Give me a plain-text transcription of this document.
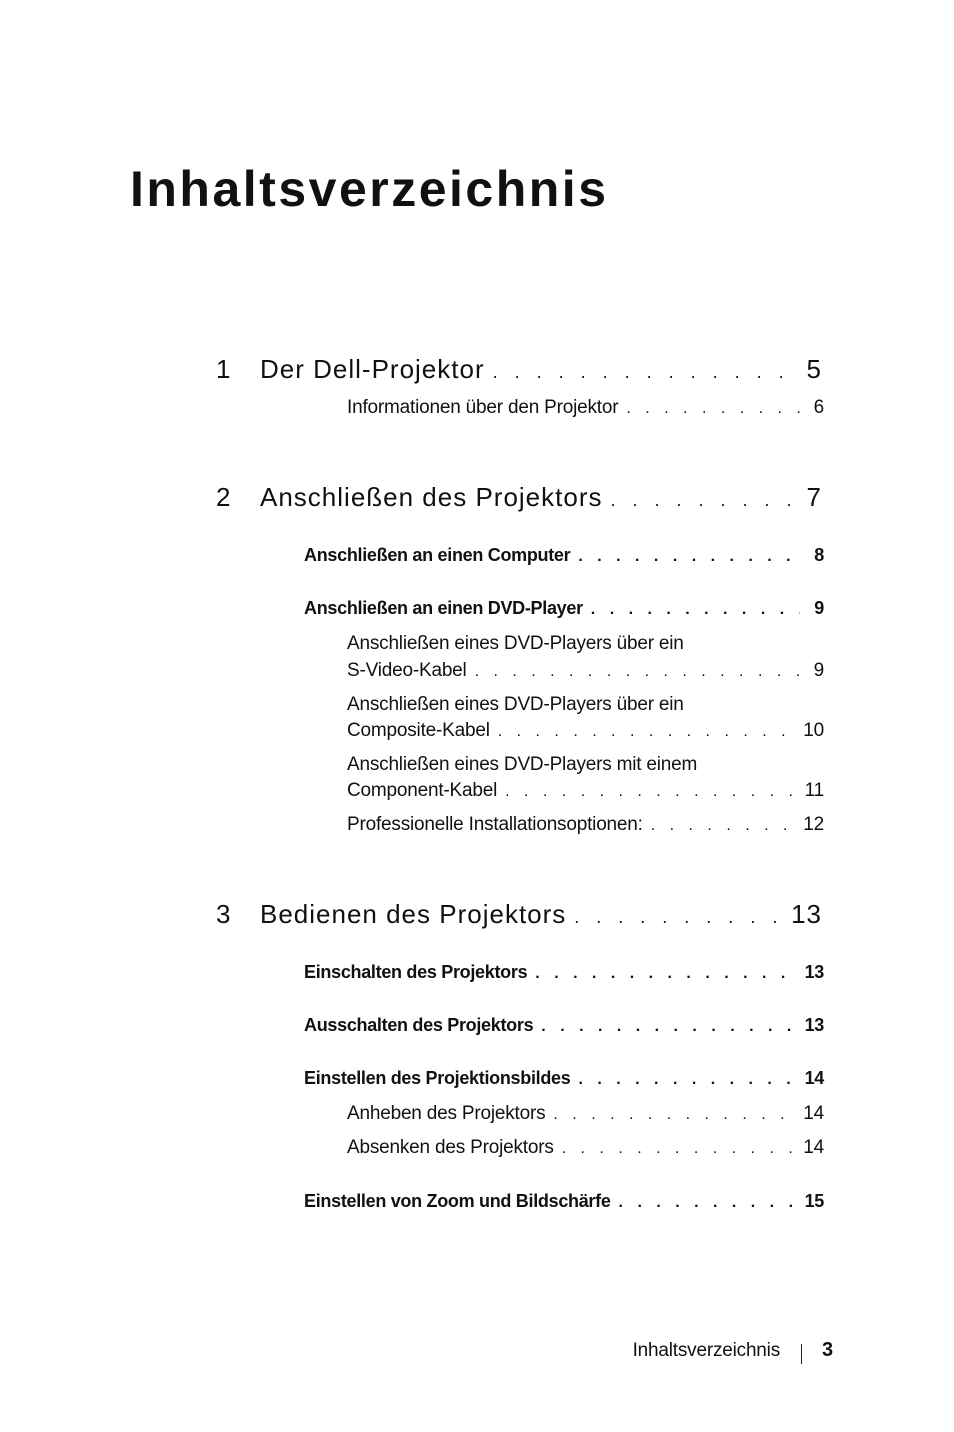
Inhaltsverzeichnis
1	Der Dell-Projektor . . .	5
Informationen über den Projektor . . .	6
2	Anschließen des Projektors . . .	7
Anschließen an einen Computer . . .	8
Anschließen an einen DVD-Player . . .	9
Anschließen eines DVD-Players über ein
S-Video-Kabel . . .	9
Anschließen eines DVD-Players über ein
Composite-Kabel . . .	10
Anschließen eines DVD-Players mit einem
Component-Kabel . . .	11
Professionelle Installationsoptionen: . . .	12
3	Bedienen des Projektors . . .	13
Einschalten des Projektors . . .	13
Ausschalten des Projektors . . .	13
Einstellen des Projektionsbildes . . .	14
Anheben des Projektors . . .	14
Absenken des Projektors . . .	14
Einstellen von Zoom und Bildschärfe . . .	15
Inhaltsverzeichnis 3
